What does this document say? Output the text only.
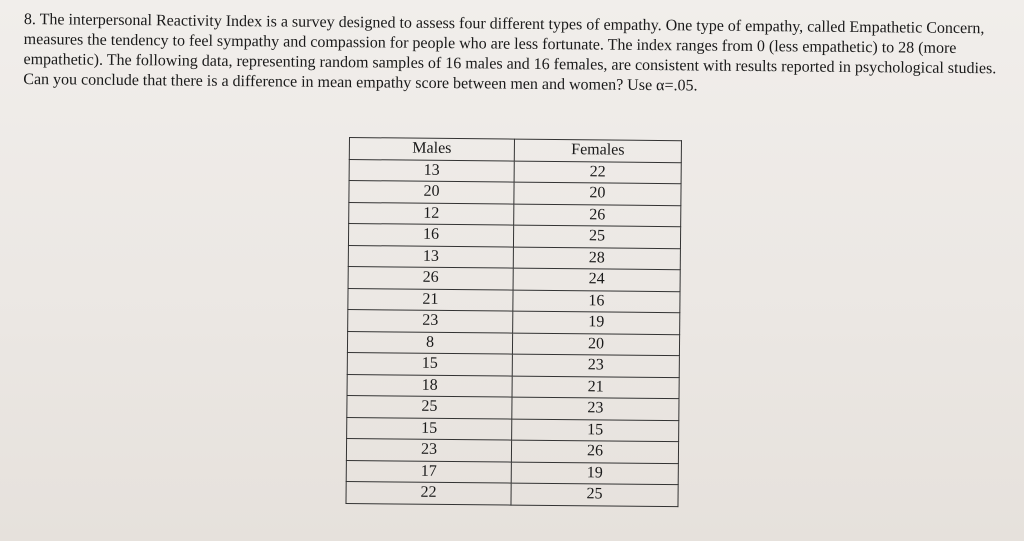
8. The interpersonal Reactivity Index is a survey designed to assess four different types of empathy. One type of empathy, called Empathetic Concern, measures the tendency to feel sympathy and compassion for people who are less fortunate. The index ranges from 0 (less empathetic) to 28 (more empathetic). The following data, representing random samples of 16 males and 16 females, are consistent with results reported in psychological studies. Can you conclude that there is a difference in mean empathy score between men and women? Use α=.05.

Males	Females
13	22
20	20
12	26
16	25
13	28
26	24
21	16
23	19
8	20
15	23
18	21
25	23
15	15
23	26
17	19
22	25
